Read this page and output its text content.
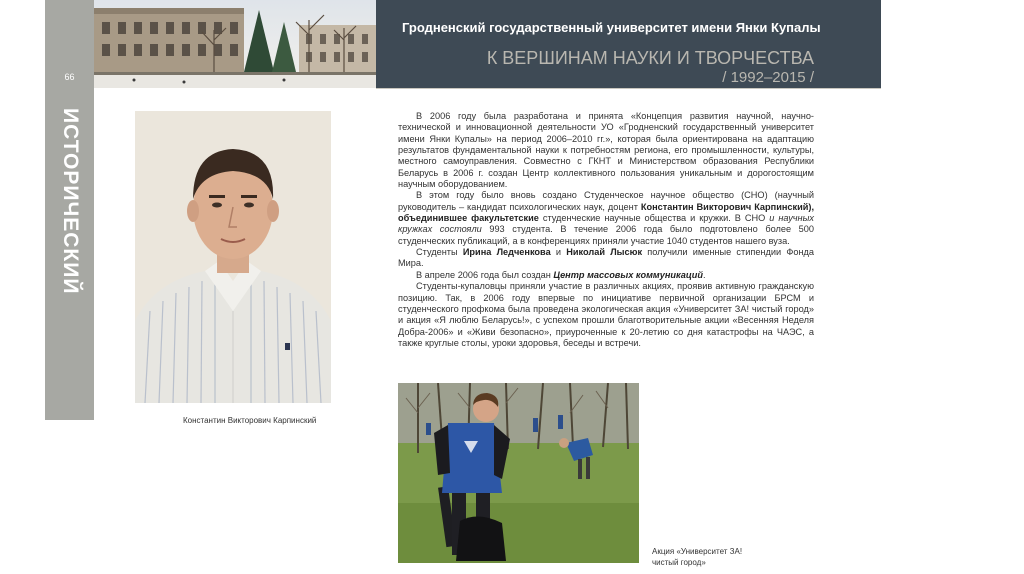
66
ИСТОРИЧЕСКИЙ ОЧЕРК
Гродненский государственный университет имени Янки Купалы
К ВЕРШИНАМ НАУКИ И ТВОРЧЕСТВА
/ 1992–2015 /
Константин Викторович Карпинский

В 2006 году была разработана и принята «Концепция развития научной, научно-технической и инновационной деятельности УО «Гродненский государственный университет имени Янки Купалы» на период 2006–2010 гг.», которая была ориентирована на адаптацию результатов фундаментальной науки к потребностям региона, его промышленности, культуры, местного самоуправления. Совместно с ГКНТ и Министерством образования Республики Беларусь в 2006 г. создан Центр коллективного пользования уникальным и дорогостоящим научным оборудованием.

В этом году было вновь создано Студенческое научное общество (СНО) (научный руководитель – кандидат психологических наук, доцент Константин Викторович Карпинский), объединившее факультетские студенческие научные общества и кружки. В СНО и научных кружках состояли 993 студента. В течение 2006 года было подготовлено более 500 студенческих публикаций, а в конференциях приняли участие 1040 студентов нашего вуза.

Студенты Ирина Ледченкова и Николай Лысюк получили именные стипендии Фонда Мира.

В апреле 2006 года был создан Центр массовых коммуникаций.

Студенты-купаловцы приняли участие в различных акциях, проявив активную гражданскую позицию. Так, в 2006 году впервые по инициативе первичной организации БРСМ и студенческого профкома была проведена экологическая акция «Университет ЗА! чистый город» и акция «Я люблю Беларусь!», с успехом прошли благотворительные акции «Весенняя Неделя Добра-2006» и «Живи безопасно», приуроченные к 20-летию со дня катастрофы на ЧАЭС, а также круглые столы, уроки здоровья, беседы и встречи.

Акция «Университет ЗА!
чистый город»
